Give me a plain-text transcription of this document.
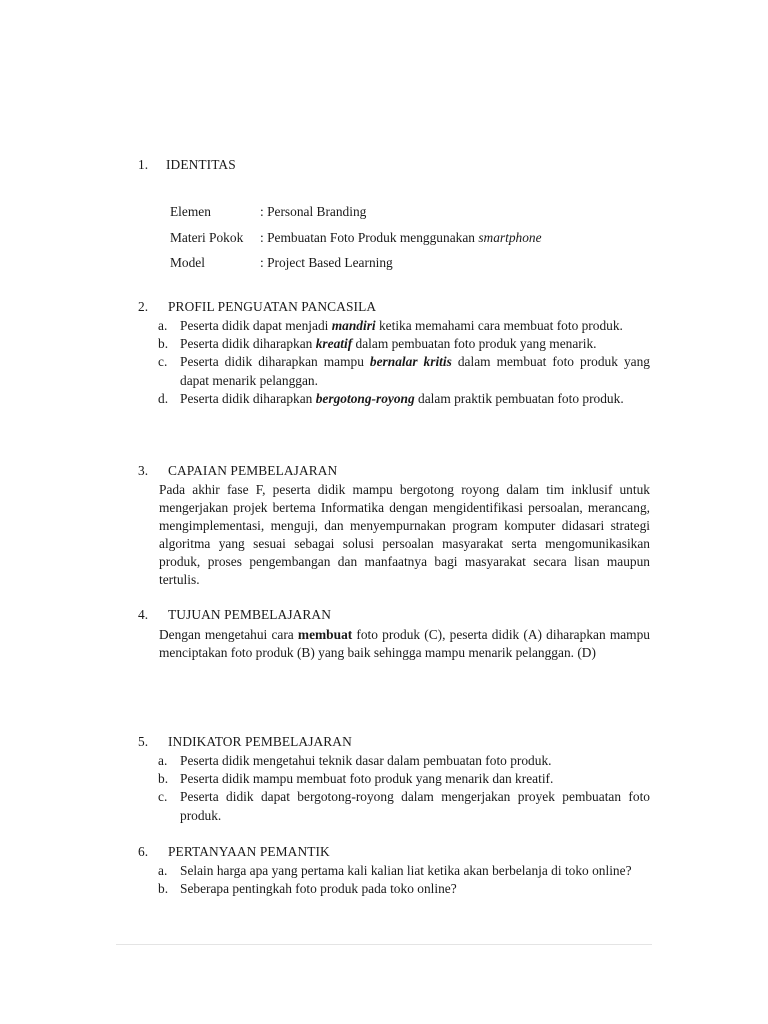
1. IDENTITAS
Elemen	: Personal Branding
Materi Pokok : Pembuatan Foto Produk menggunakan smartphone
Model	: Project Based Learning
2. PROFIL PENGUATAN PANCASILA
a. Peserta didik dapat menjadi mandiri ketika memahami cara membuat foto produk.
b. Peserta didik diharapkan kreatif dalam pembuatan foto produk yang menarik.
c. Peserta didik diharapkan mampu bernalar kritis dalam membuat foto produk yang dapat menarik pelanggan.
d. Peserta didik diharapkan bergotong-royong dalam praktik pembuatan foto produk.
3. CAPAIAN PEMBELAJARAN
Pada akhir fase F, peserta didik mampu bergotong royong dalam tim inklusif untuk mengerjakan projek bertema Informatika dengan mengidentifikasi persoalan, merancang, mengimplementasi, menguji, dan menyempurnakan program komputer didasari strategi algoritma yang sesuai sebagai solusi persoalan masyarakat serta mengomunikasikan produk, proses pengembangan dan manfaatnya bagi masyarakat secara lisan maupun tertulis.
4. TUJUAN PEMBELAJARAN
Dengan mengetahui cara membuat foto produk (C), peserta didik (A) diharapkan mampu menciptakan foto produk (B) yang baik sehingga mampu menarik pelanggan. (D)
5. INDIKATOR PEMBELAJARAN
a. Peserta didik mengetahui teknik dasar dalam pembuatan foto produk.
b. Peserta didik mampu membuat foto produk yang menarik dan kreatif.
c. Peserta didik dapat bergotong-royong dalam mengerjakan proyek pembuatan foto produk.
6. PERTANYAAN PEMANTIK
a. Selain harga apa yang pertama kali kalian liat ketika akan berbelanja di toko online?
b. Seberapa pentingkah foto produk pada toko online?
